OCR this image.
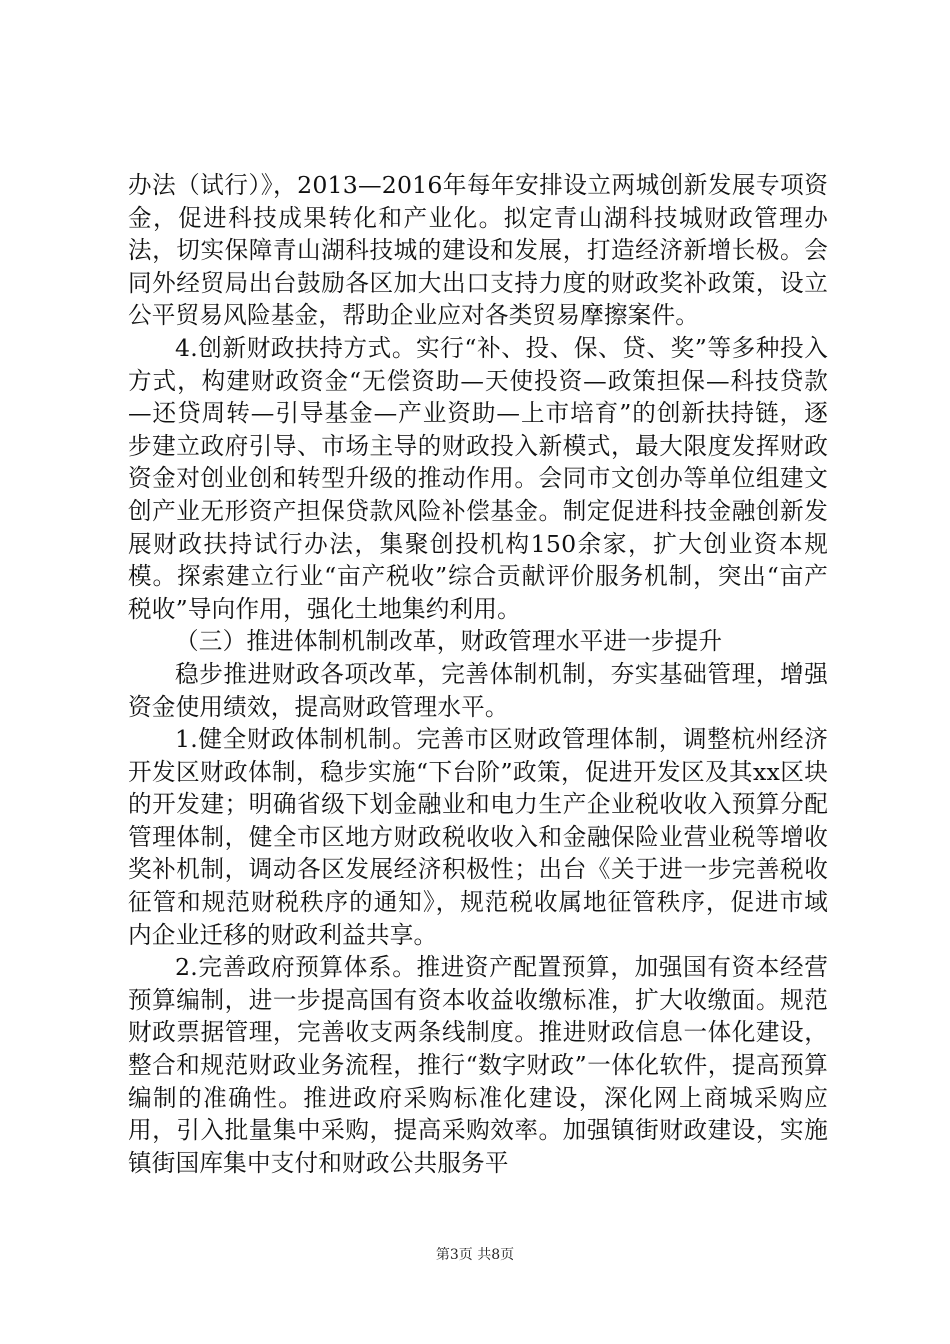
办法（试行）》，2013—2016年每年安排设立两城创新发展专项资金，促进科技成果转化和产业化。拟定青山湖科技城财政管理办法，切实保障青山湖科技城的建设和发展，打造经济新增长极。会同外经贸局出台鼓励各区加大出口支持力度的财政奖补政策，设立公平贸易风险基金，帮助企业应对各类贸易摩擦案件。

4.创新财政扶持方式。实行“补、投、保、贷、奖”等多种投入方式，构建财政资金“无偿资助—天使投资—政策担保—科技贷款—还贷周转—引导基金—产业资助—上市培育”的创新扶持链，逐步建立政府引导、市场主导的财政投入新模式，最大限度发挥财政资金对创业创和转型升级的推动作用。会同市文创办等单位组建文创产业无形资产担保贷款风险补偿基金。制定促进科技金融创新发展财政扶持试行办法，集聚创投机构150余家，扩大创业资本规模。探索建立行业“亩产税收”综合贡献评价服务机制，突出“亩产税收”导向作用，强化土地集约利用。

（三）推进体制机制改革，财政管理水平进一步提升

稳步推进财政各项改革，完善体制机制，夯实基础管理，增强资金使用绩效，提高财政管理水平。

1.健全财政体制机制。完善市区财政管理体制，调整杭州经济开发区财政体制，稳步实施“下台阶”政策，促进开发区及其xx区块的开发建；明确省级下划金融业和电力生产企业税收收入预算分配管理体制，健全市区地方财政税收收入和金融保险业营业税等增收奖补机制，调动各区发展经济积极性；出台《关于进一步完善税收征管和规范财税秩序的通知》，规范税收属地征管秩序，促进市域内企业迁移的财政利益共享。

2.完善政府预算体系。推进资产配置预算，加强国有资本经营预算编制，进一步提高国有资本收益收缴标准，扩大收缴面。规范财政票据管理，完善收支两条线制度。推进财政信息一体化建设，整合和规范财政业务流程，推行“数字财政”一体化软件，提高预算编制的准确性。推进政府采购标准化建设，深化网上商城采购应用，引入批量集中采购，提高采购效率。加强镇街财政建设，实施镇街国库集中支付和财政公共服务平

第3页 共8页
